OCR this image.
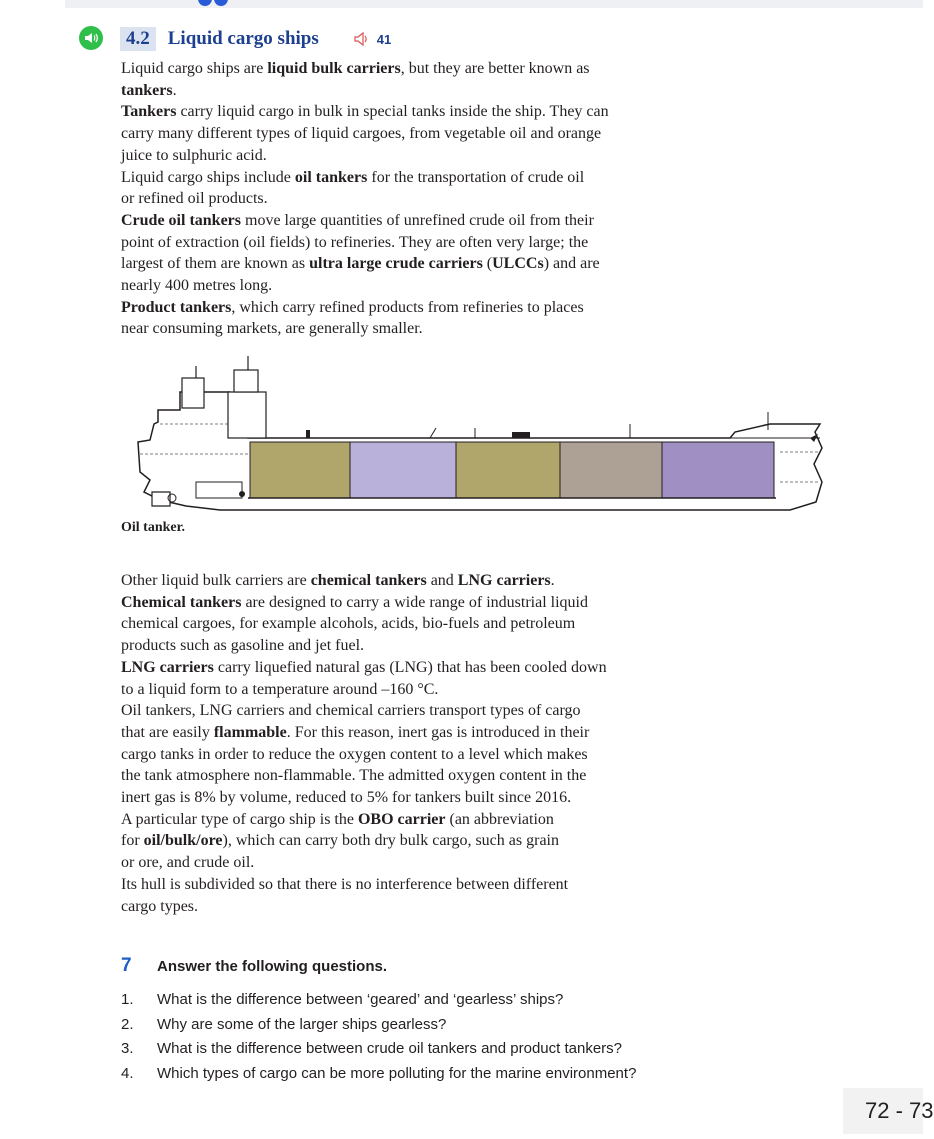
4.2 Liquid cargo ships	41

Liquid cargo ships are liquid bulk carriers, but they are better known as
tankers.

Tankers carry liquid cargo in bulk in special tanks inside the ship. They can
carry many different types of liquid cargoes, from vegetable oil and orange
juice to sulphuric acid.

Liquid cargo ships include oil tankers for the transportation of crude oil
or refined oil products.

Crude oil tankers move large quantities of unrefined crude oil from their
point of extraction (oil fields) to refineries. They are often very large; the
largest of them are known as ultra large crude carriers (ULCCs) and are
nearly 400 metres long.

Product tankers, which carry refined products from refineries to places
near consuming markets, are generally smaller.

Oil tanker.

Other liquid bulk carriers are chemical tankers and LNG carriers.

Chemical tankers are designed to carry a wide range of industrial liquid
chemical cargoes, for example alcohols, acids, bio-fuels and petroleum
products such as gasoline and jet fuel.

LNG carriers carry liquefied natural gas (LNG) that has been cooled down
to a liquid form to a temperature around –160 °C.

Oil tankers, LNG carriers and chemical carriers transport types of cargo
that are easily flammable. For this reason, inert gas is introduced in their
cargo tanks in order to reduce the oxygen content to a level which makes
the tank atmosphere non-flammable. The admitted oxygen content in the
inert gas is 8% by volume, reduced to 5% for tankers built since 2016.

A particular type of cargo ship is the OBO carrier (an abbreviation
for oil/bulk/ore), which can carry both dry bulk cargo, such as grain
or ore, and crude oil.

Its hull is subdivided so that there is no interference between different
cargo types.

7	Answer the following questions.
1.	What is the difference between ‘geared’ and ‘gearless’ ships?
2.	Why are some of the larger ships gearless?
3.	What is the difference between crude oil tankers and product tankers?
4.	Which types of cargo can be more polluting for the marine environment?
72 - 73
